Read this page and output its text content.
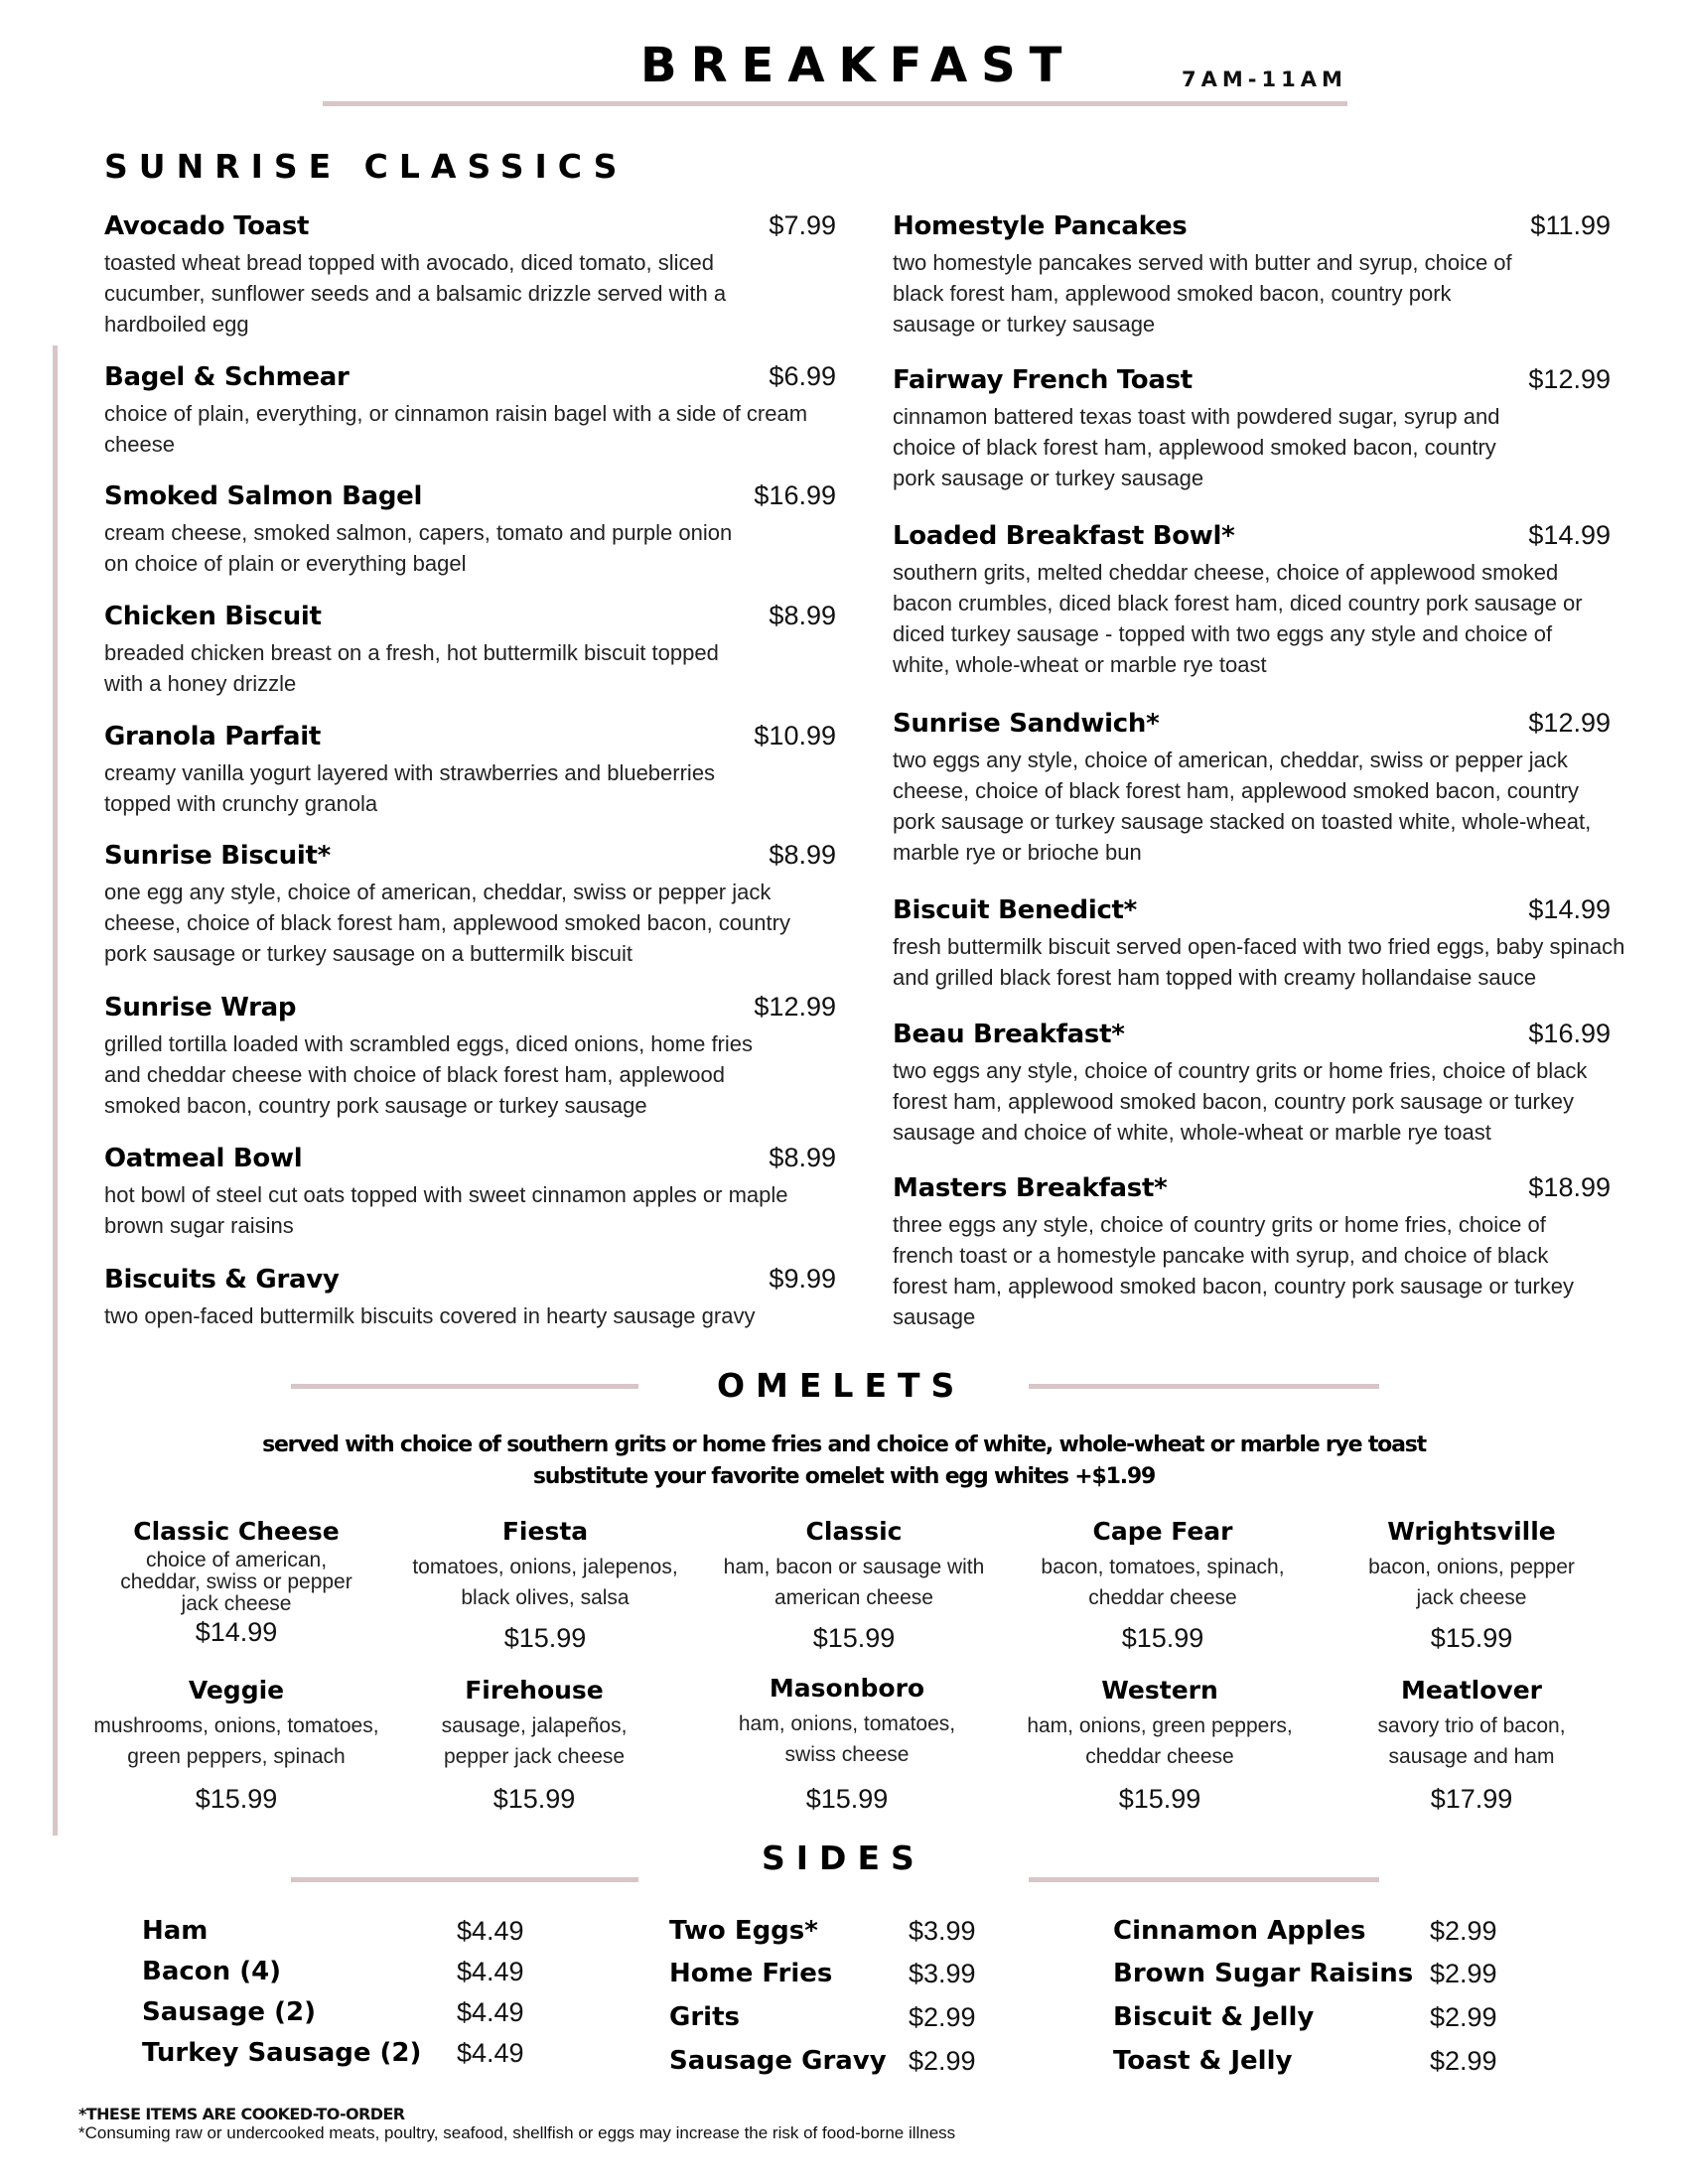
BREAKFAST	7AM-11AM
SUNRISE CLASSICS
Avocado Toast	$7.99
toasted wheat bread topped with avocado, diced tomato, sliced cucumber, sunflower seeds and a balsamic drizzle served with a hardboiled egg
Bagel & Schmear	$6.99
choice of plain, everything, or cinnamon raisin bagel with a side of cream cheese
Smoked Salmon Bagel	$16.99
cream cheese, smoked salmon, capers, tomato and purple onion on choice of plain or everything bagel
Chicken Biscuit	$8.99
breaded chicken breast on a fresh, hot buttermilk biscuit topped with a honey drizzle
Granola Parfait	$10.99
creamy vanilla yogurt layered with strawberries and blueberries topped with crunchy granola
Sunrise Biscuit*	$8.99
one egg any style, choice of american, cheddar, swiss or pepper jack cheese, choice of black forest ham, applewood smoked bacon, country pork sausage or turkey sausage on a buttermilk biscuit
Sunrise Wrap	$12.99
grilled tortilla loaded with scrambled eggs, diced onions, home fries and cheddar cheese with choice of black forest ham, applewood smoked bacon, country pork sausage or turkey sausage
Oatmeal Bowl	$8.99
hot bowl of steel cut oats topped with sweet cinnamon apples or maple brown sugar raisins
Biscuits & Gravy	$9.99
two open-faced buttermilk biscuits covered in hearty sausage gravy
Homestyle Pancakes	$11.99
two homestyle pancakes served with butter and syrup, choice of black forest ham, applewood smoked bacon, country pork sausage or turkey sausage
Fairway French Toast	$12.99
cinnamon battered texas toast with powdered sugar, syrup and choice of black forest ham, applewood smoked bacon, country pork sausage or turkey sausage
Loaded Breakfast Bowl*	$14.99
southern grits, melted cheddar cheese, choice of applewood smoked bacon crumbles, diced black forest ham, diced country pork sausage or diced turkey sausage - topped with two eggs any style and choice of white, whole-wheat or marble rye toast
Sunrise Sandwich*	$12.99
two eggs any style, choice of american, cheddar, swiss or pepper jack cheese, choice of black forest ham, applewood smoked bacon, country pork sausage or turkey sausage stacked on toasted white, whole-wheat, marble rye or brioche bun
Biscuit Benedict*	$14.99
fresh buttermilk biscuit served open-faced with two fried eggs, baby spinach and grilled black forest ham topped with creamy hollandaise sauce
Beau Breakfast*	$16.99
two eggs any style, choice of country grits or home fries, choice of black forest ham, applewood smoked bacon, country pork sausage or turkey sausage and choice of white, whole-wheat or marble rye toast
Masters Breakfast*	$18.99
three eggs any style, choice of country grits or home fries, choice of french toast or a homestyle pancake with syrup, and choice of black forest ham, applewood smoked bacon, country pork sausage or turkey sausage
OMELETS
served with choice of southern grits or home fries and choice of white, whole-wheat or marble rye toast
substitute your favorite omelet with egg whites +$1.99
Classic Cheese
choice of american, cheddar, swiss or pepper jack cheese
$14.99
Fiesta
tomatoes, onions, jalepenos, black olives, salsa
$15.99
Classic
ham, bacon or sausage with american cheese
$15.99
Cape Fear
bacon, tomatoes, spinach, cheddar cheese
$15.99
Wrightsville
bacon, onions, pepper jack cheese
$15.99
Veggie
mushrooms, onions, tomatoes, green peppers, spinach
$15.99
Firehouse
sausage, jalapeños, pepper jack cheese
$15.99
Masonboro
ham, onions, tomatoes, swiss cheese
$15.99
Western
ham, onions, green peppers, cheddar cheese
$15.99
Meatlover
savory trio of bacon, sausage and ham
$17.99
SIDES
Ham	$4.49
Bacon (4)	$4.49
Sausage (2)	$4.49
Turkey Sausage (2) $4.49
Two Eggs*	$3.99
Home Fries	$3.99
Grits	$2.99
Sausage Gravy $2.99
Cinnamon Apples $2.99
Brown Sugar Raisins $2.99
Biscuit & Jelly	$2.99
Toast & Jelly	$2.99
*THESE ITEMS ARE COOKED-TO-ORDER
*Consuming raw or undercooked meats, poultry, seafood, shellfish or eggs may increase the risk of food-borne illness
